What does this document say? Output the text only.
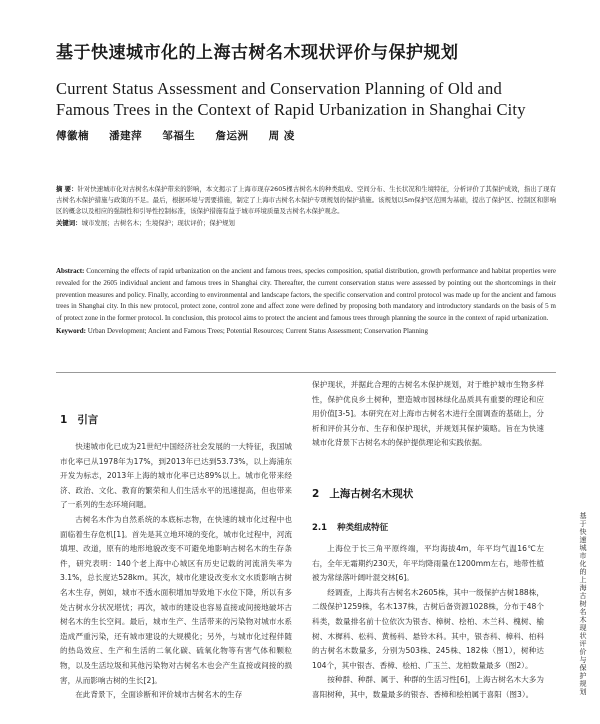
基于快速城市化的上海古树名木现状评价与保护规划
Current Status Assessment and Conservation Planning of Old and Famous Trees in the Context of Rapid Urbanization in Shanghai City
傅徽楠 潘建萍 邹福生 詹运洲 周 凌
摘 要：针对快速城市化对古树名木保护带来的影响，本文揭示了上海市现存2605棵古树名木的种类组成、空间分布、生长状况和生境特征，分析评价了其保护成效，指出了现有古树名木保护措施与政策的不足。最后，根据环境与需要措施，制定了上海市古树名木保护专项规划的保护措施。该规划以5m保护区范围为基础，提出了保护区、控制区和影响区的概念以及相应的强制性和引导性控制标准，该保护措施有益于城市环境质量及古树名木保护观念。
关键词：城市发展；古树名木；生境保护；现状评价；保护规划
Abstract: Concerning the effects of rapid urbanization on the ancient and famous trees, species composition, spatial distribution, growth performance and habitat properties were revealed for the 2605 individual ancient and famous trees in Shanghai city. Thereafter, the current conservation status were assessed by pointing out the shortcomings in their prevention measures and policy. Finally, according to environmental and landscape factors, the specific conservation and control protocol was made up for the ancient and famous trees in Shanghai city. In this new protocol, protect zone, control zone and affect zone were defined by proposing both mandatory and introductory standards on the basis of 5 m of protect zone in the former protocol. In conclusion, this protocol aims to protect the ancient and famous trees through planning the source in the context of rapid urbanization.
Keyword: Urban Development; Ancient and Famous Trees; Potential Resources; Current Status Assessment; Conservation Planning
1 引言

快速城市化已成为21世纪中国经济社会发展的一大特征，我国城市化率已从1978年为17%，到2013年已达到53.73%，以上海浦东开发为标志，2013年上海的城市化率已达89%以上。城市化带来经济、政治、文化、教育的繁荣和人们生活水平的迅速提高，但也带来了一系列的生态环境问题。

古树名木作为自然系统的本底标志物，在快速的城市化过程中也面临着生存危机[1]。首先是其立地环境的变化，城市化过程中，河流填埋、改道，原有的地形地貌改变不可避免地影响古树名木的生存条件，研究表明：140个老上海中心城区有历史记载的河流消失率为3.1%，总长度达528km。其次，城市化建设改变水文水质影响古树名木生存，例如，城市不透水面积增加导致地下水位下降，所以有多处古树水分状况堪忧；再次，城市的建设也容易直接或间接地破坏古树名木的生长空间。最后，城市生产、生活带来的污染物对城市水系造成严重污染，还有城市建设的大规模化；另外，与城市化过程伴随的热岛效应、生产和生活的二氧化碳、硫氧化物等有害气体和颗粒物，以及生活垃圾和其他污染物对古树名木也会产生直接或间接的损害，从而影响古树的生长[2]。

在此背景下，全面诊断和评价城市古树名木的生存

保护现状，并据此合理的古树名木保护规划，对于维护城市生物多样性，保护优良乡土树种，塑造城市园林绿化品质具有重要的理论和应用价值[3-5]。本研究在对上海市古树名木进行全面调查的基础上，分析和评价其分布、生存和保护现状，并规划其保护策略。旨在为快速城市化背景下古树名木的保护提供理论和实践依据。

2 上海古树名木现状
2.1 种类组成特征

上海位于长三角平原终端，平均海拔4m，年平均气温16℃左右，全年无霜期约230天，年平均降雨量在1200mm左右，地带性植被为常绿落叶阔叶混交林[6]。

经调查，上海共有古树名木2605株，其中一级保护古树188株，二级保护1259株，名木137株，古树后备资源1028株，分布于48个科类，数量排名前十位依次为银杏、樟树、桧柏、木兰科、槐树、榆树、木樨科、松科、黄杨科、悬铃木科。其中，银杏科、樟科、柏科的古树名木数量多，分别为503株、245株、182株（图1），树种达104个，其中银杏、香樟、桧柏、广玉兰、龙柏数量最多（图2）。

按种群、种群、属于、种群的生活习性[6]，上海古树名木大多为喜阳树种，其中，数量最多的银杏、香樟和桧柏属于喜阳（图3）。	基于快速城市化的上海古树名木现状评价与保护规划
